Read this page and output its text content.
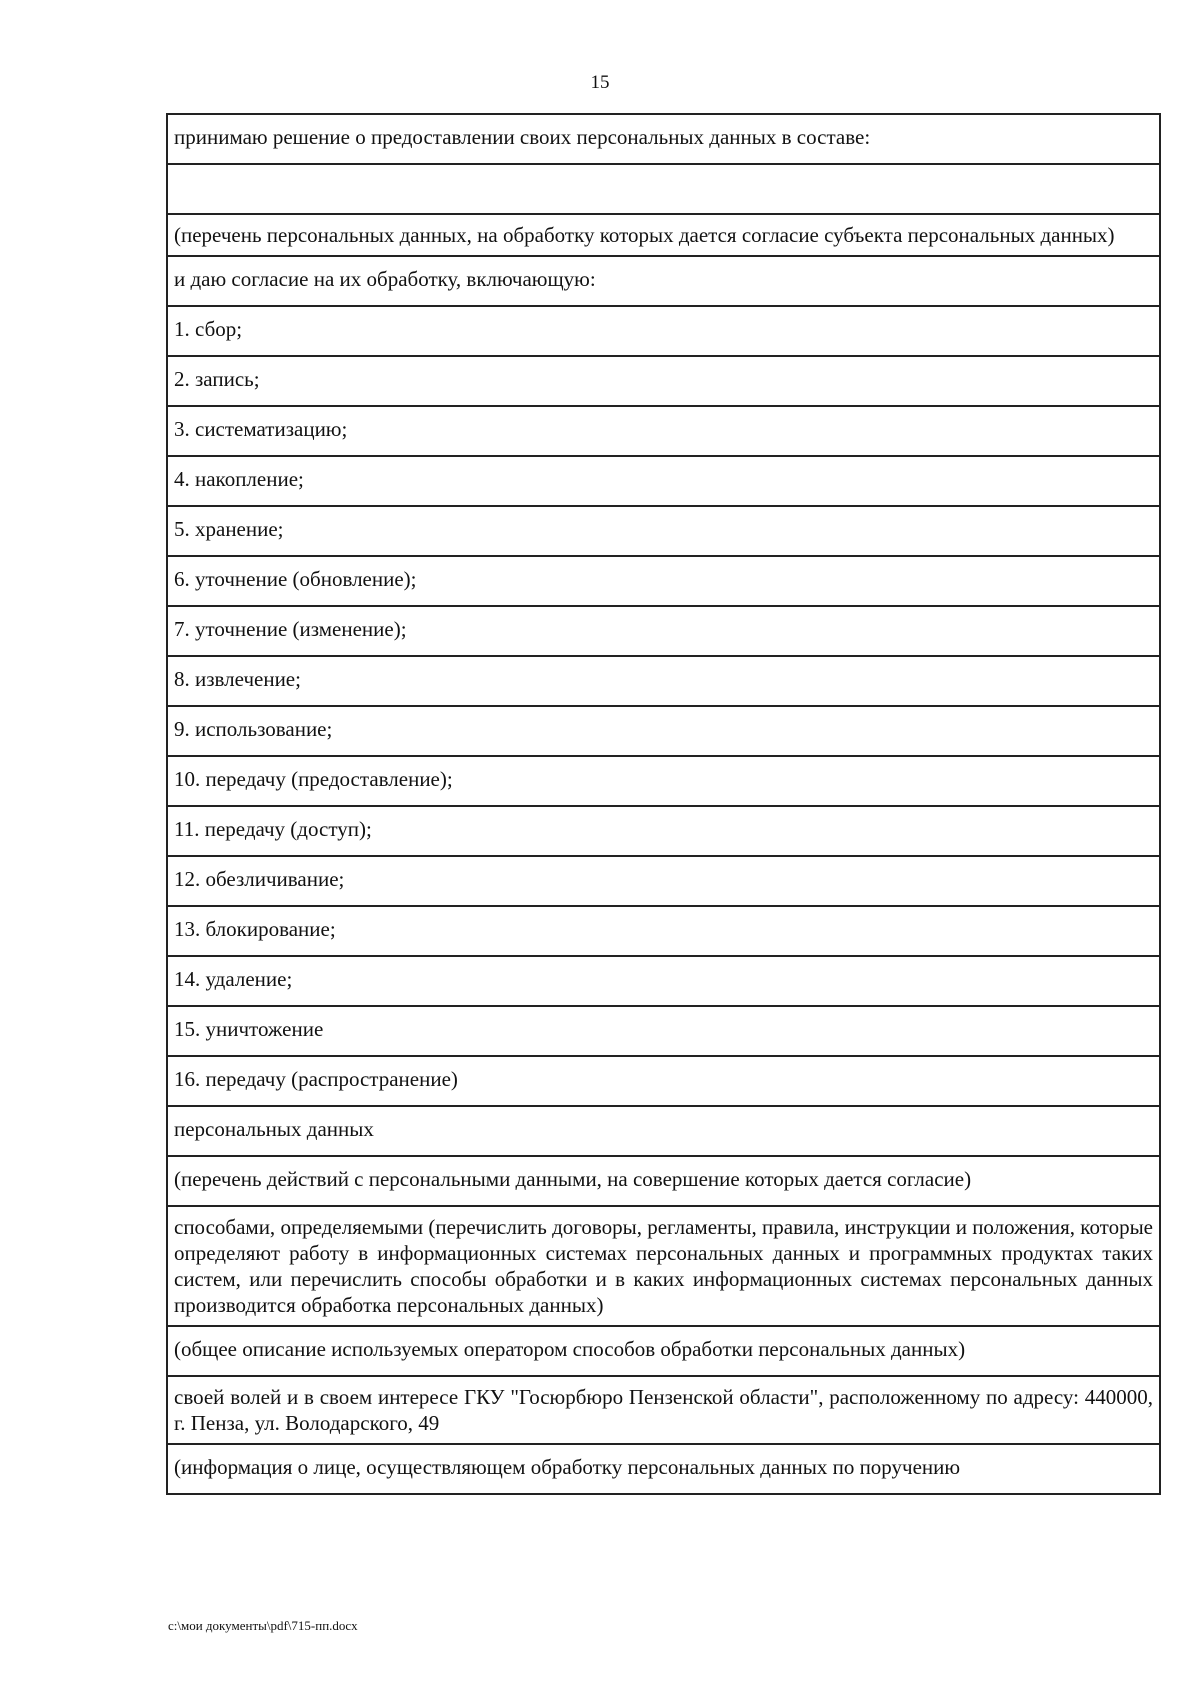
15
принимаю решение о предоставлении своих персональных данных в составе:

(перечень персональных данных, на обработку которых дается согласие субъекта персональных данных)
и даю согласие на их обработку, включающую:
1. сбор;
2. запись;
3. систематизацию;
4. накопление;
5. хранение;
6. уточнение (обновление);
7. уточнение (изменение);
8. извлечение;
9. использование;
10. передачу (предоставление);
11. передачу (доступ);
12. обезличивание;
13. блокирование;
14. удаление;
15. уничтожение
16. передачу (распространение)
персональных данных
(перечень действий с персональными данными, на совершение которых дается согласие)
способами, определяемыми (перечислить договоры, регламенты, правила, инструкции и положения, которые определяют работу в информационных системах персональных данных и программных продуктах таких систем, или перечислить способы обработки и в каких информационных системах персональных данных производится обработка персональных данных)
(общее описание используемых оператором способов обработки персональных данных)
своей волей и в своем интересе ГКУ "Госюрбюро Пензенской области", расположенному по адресу: 440000, г. Пенза, ул. Володарского, 49
(информация о лице, осуществляющем обработку персональных данных по поручению
c:\мои документы\pdf\715-пп.docx
